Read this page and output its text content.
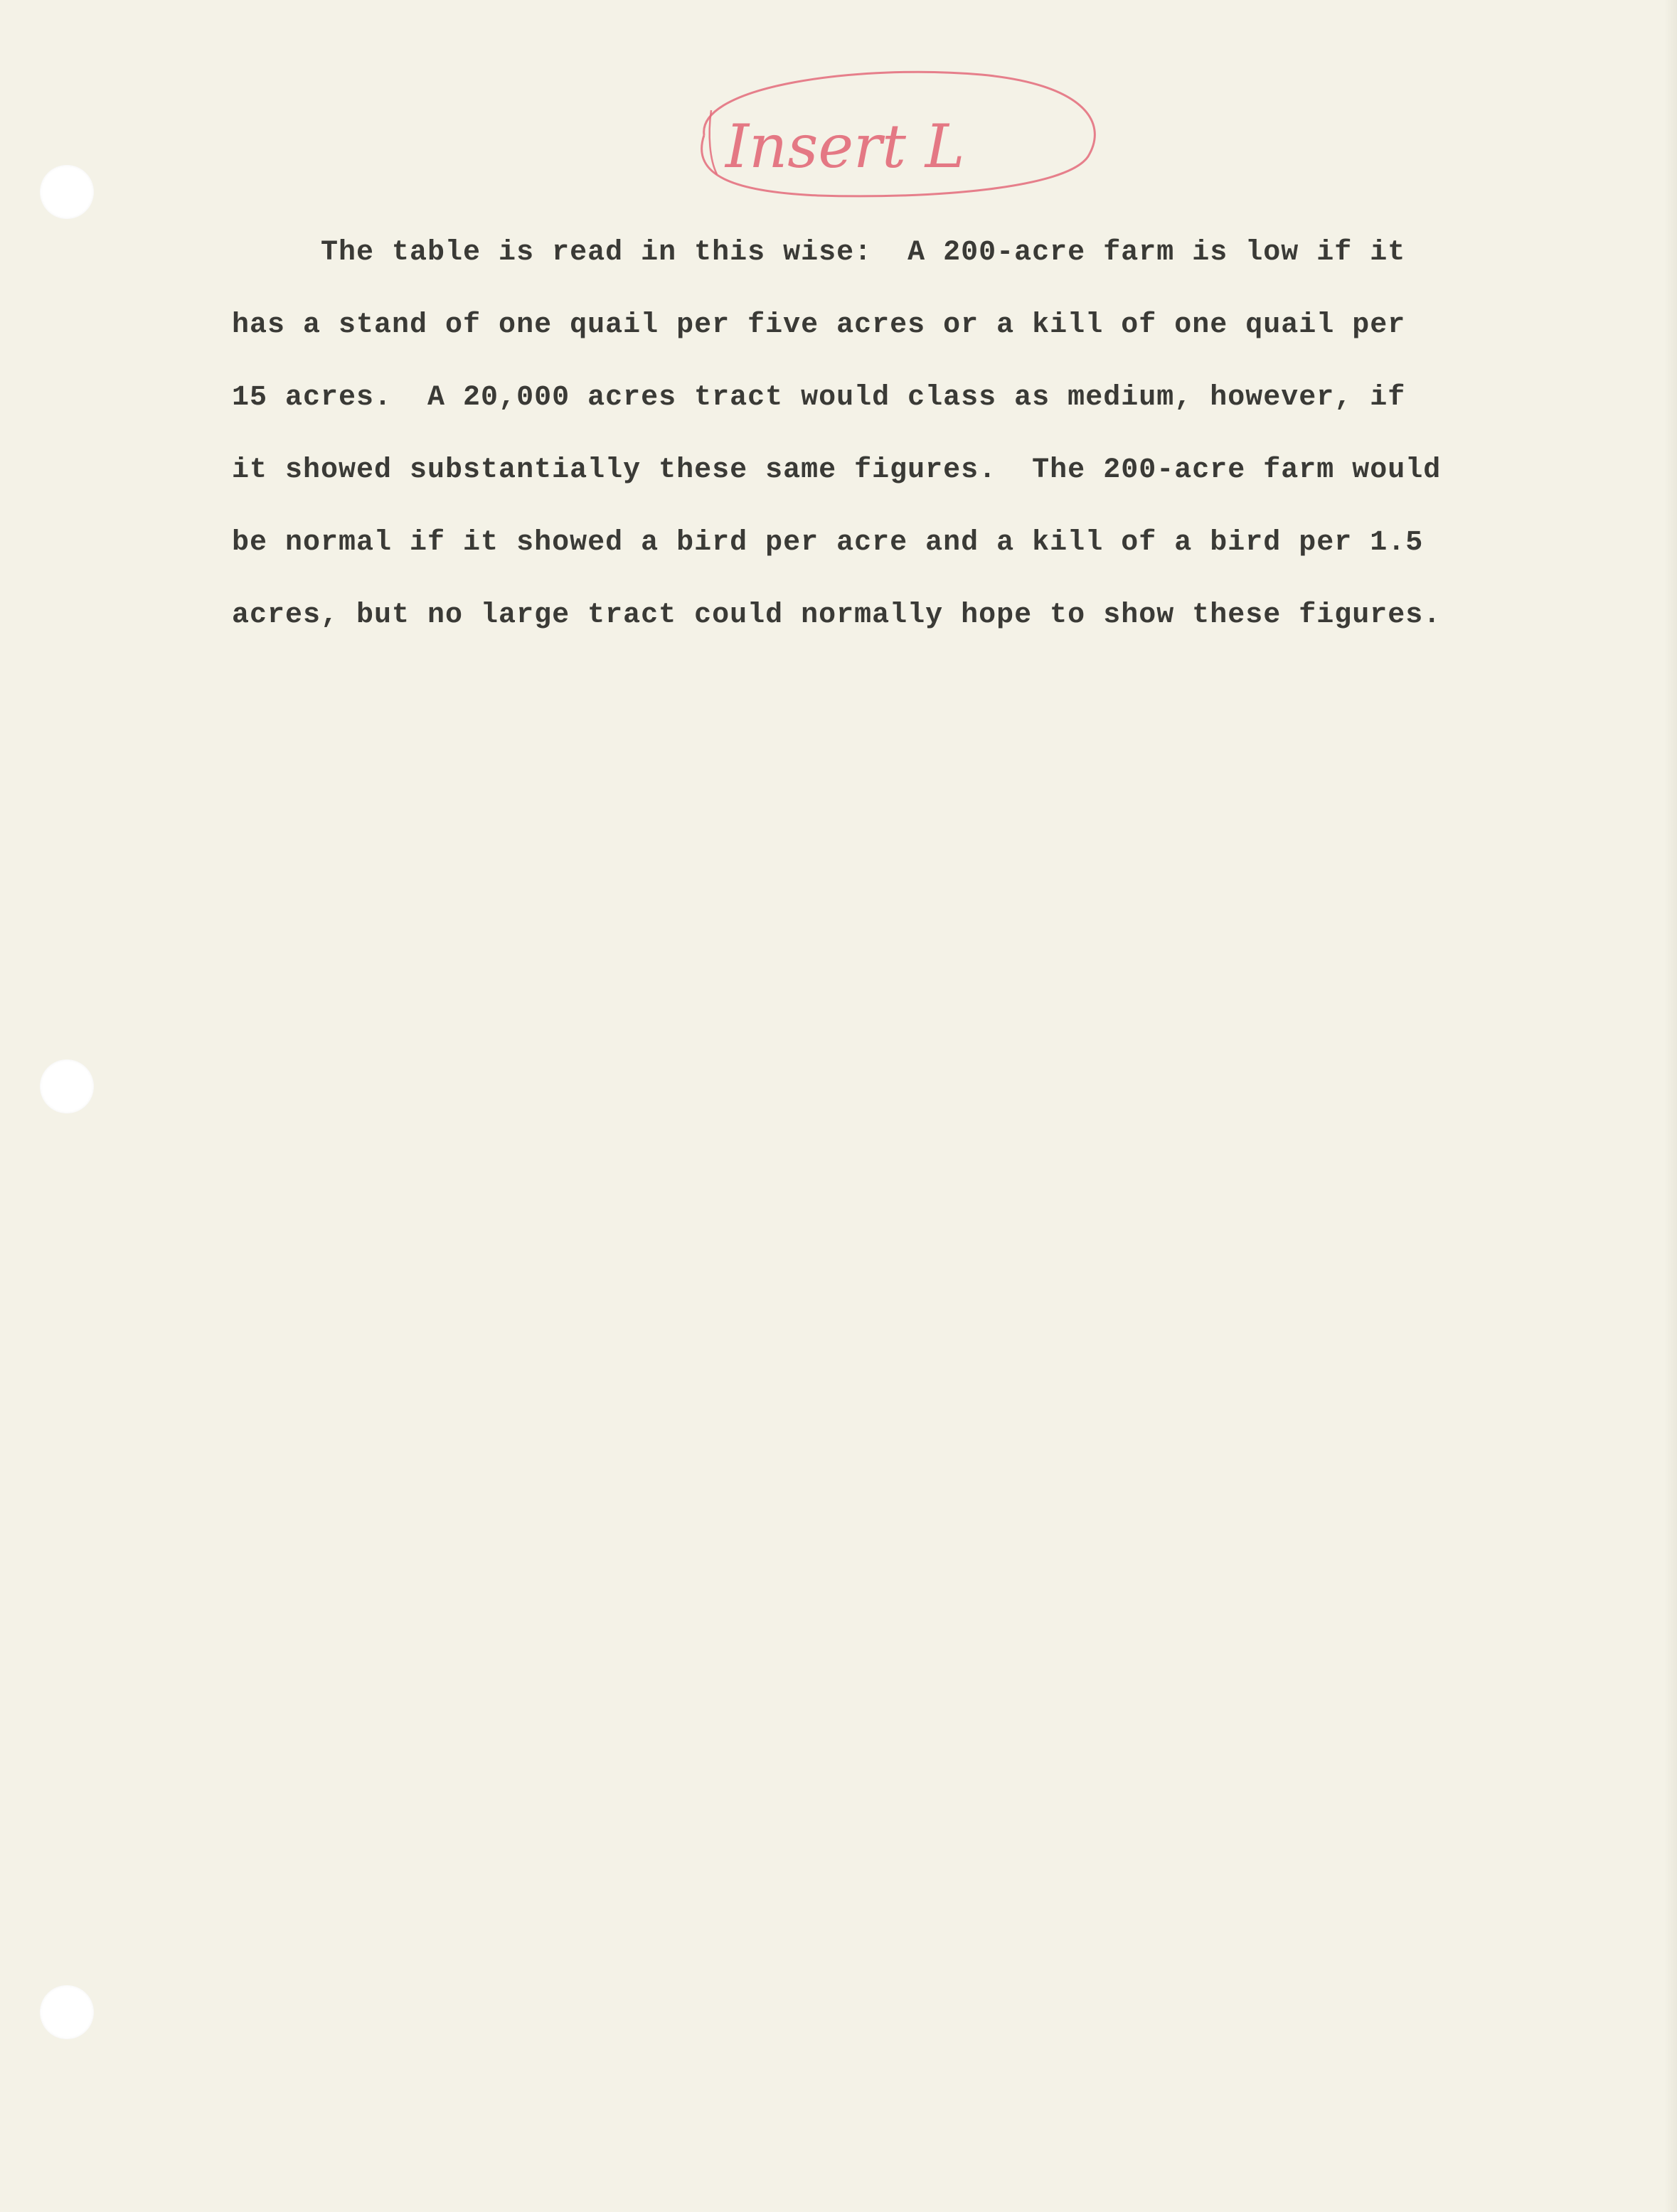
Insert L
The table is read in this wise:  A 200-acre farm is low if it
has a stand of one quail per five acres or a kill of one quail per
15 acres.  A 20,000 acres tract would class as medium, however, if
it showed substantially these same figures.  The 200-acre farm would
be normal if it showed a bird per acre and a kill of a bird per 1.5
acres, but no large tract could normally hope to show these figures.
